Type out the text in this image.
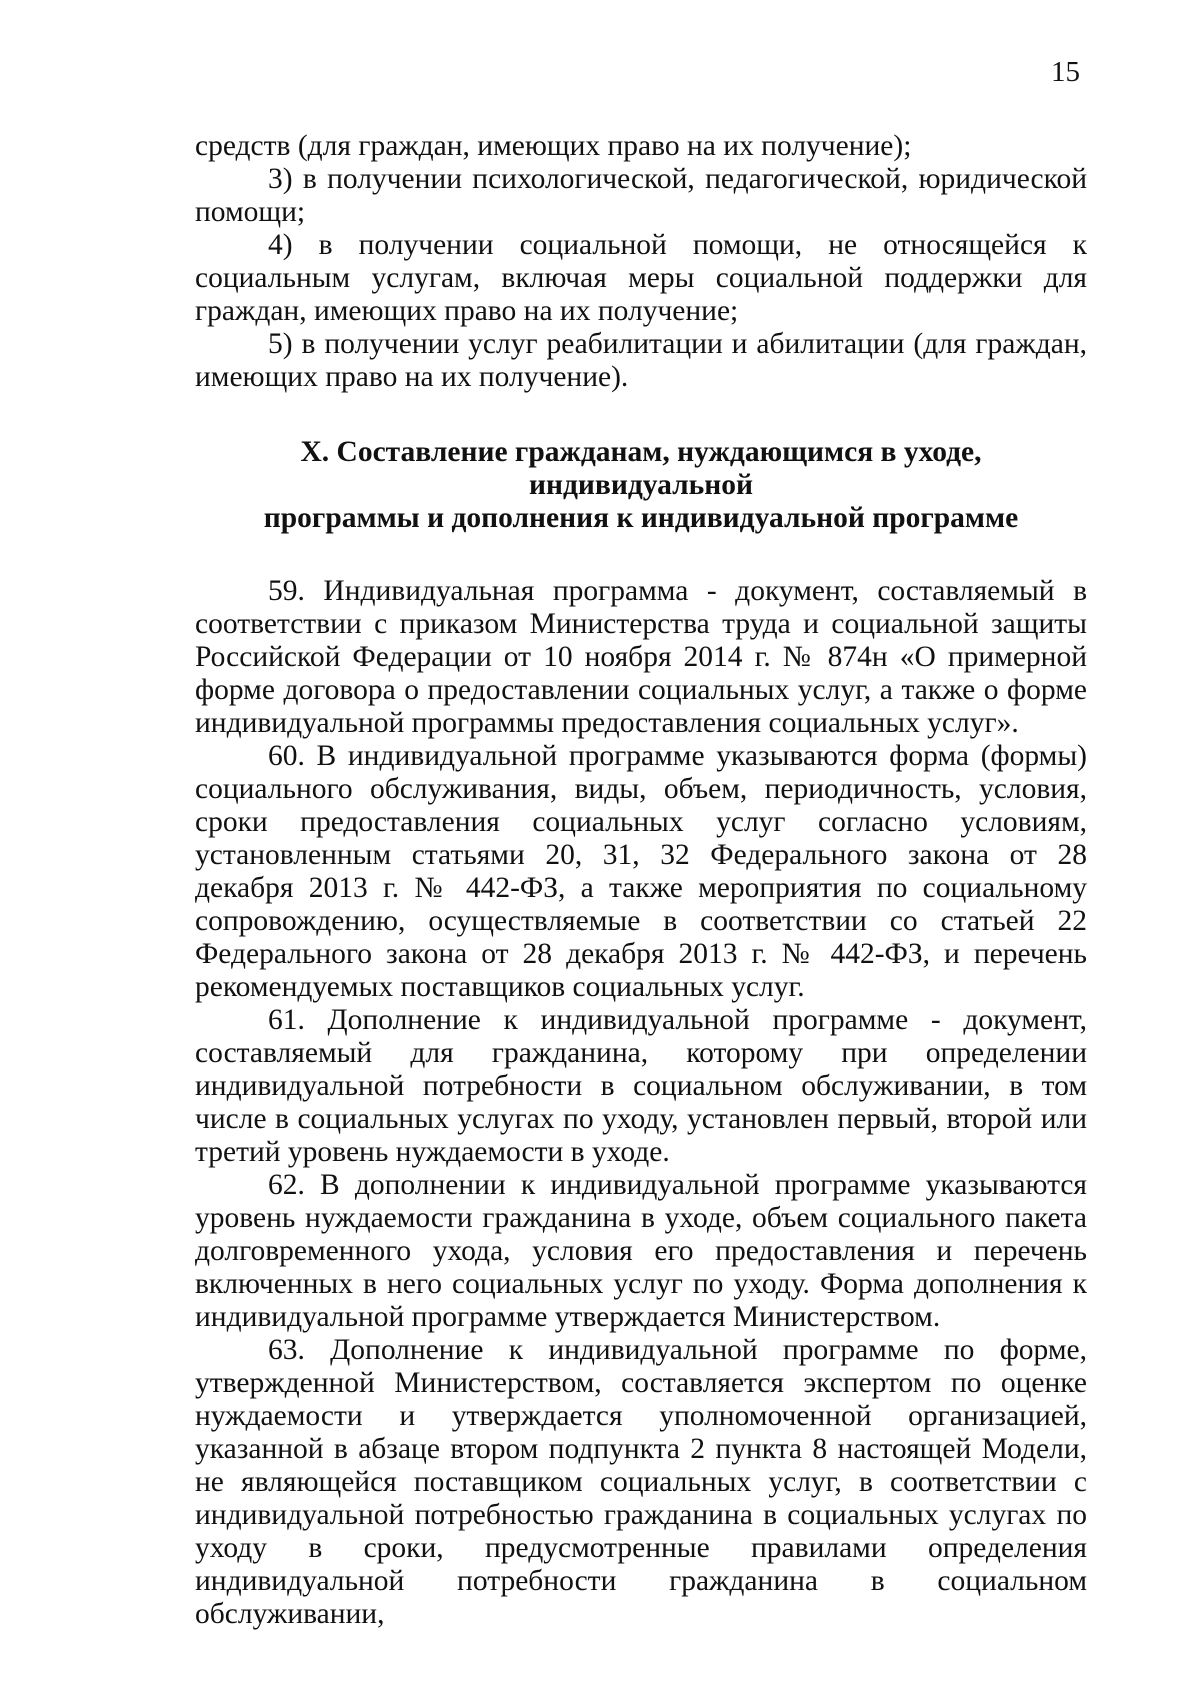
15

средств (для граждан, имеющих право на их получение);

3) в получении психологической, педагогической, юридической помощи;

4) в получении социальной помощи, не относящейся к социальным услугам, включая меры социальной поддержки для граждан, имеющих право на их получение;

5) в получении услуг реабилитации и абилитации (для граждан, имеющих право на их получение).

X. Составление гражданам, нуждающимся в уходе, индивидуальной
программы и дополнения к индивидуальной программе

59. Индивидуальная программа - документ, составляемый в соответствии с приказом Министерства труда и социальной защиты Российской Федерации от 10 ноября 2014 г. № 874н «О примерной форме договора о предоставлении социальных услуг, а также о форме индивидуальной программы предоставления социальных услуг».

60. В индивидуальной программе указываются форма (формы) социального обслуживания, виды, объем, периодичность, условия, сроки предоставления социальных услуг согласно условиям, установленным статьями 20, 31, 32 Федерального закона от 28 декабря 2013 г. № 442-ФЗ, а также мероприятия по социальному сопровождению, осуществляемые в соответствии со статьей 22 Федерального закона от 28 декабря 2013 г. № 442-ФЗ, и перечень рекомендуемых поставщиков социальных услуг.

61. Дополнение к индивидуальной программе - документ, составляемый для гражданина, которому при определении индивидуальной потребности в социальном обслуживании, в том числе в социальных услугах по уходу, установлен первый, второй или третий уровень нуждаемости в уходе.

62. В дополнении к индивидуальной программе указываются уровень нуждаемости гражданина в уходе, объем социального пакета долговременного ухода, условия его предоставления и перечень включенных в него социальных услуг по уходу. Форма дополнения к индивидуальной программе утверждается Министерством.

63. Дополнение к индивидуальной программе по форме, утвержденной Министерством, составляется экспертом по оценке нуждаемости и утверждается уполномоченной организацией, указанной в абзаце втором подпункта 2 пункта 8 настоящей Модели, не являющейся поставщиком социальных услуг, в соответствии с индивидуальной потребностью гражданина в социальных услугах по уходу в сроки, предусмотренные правилами определения индивидуальной потребности гражданина в социальном обслуживании,
